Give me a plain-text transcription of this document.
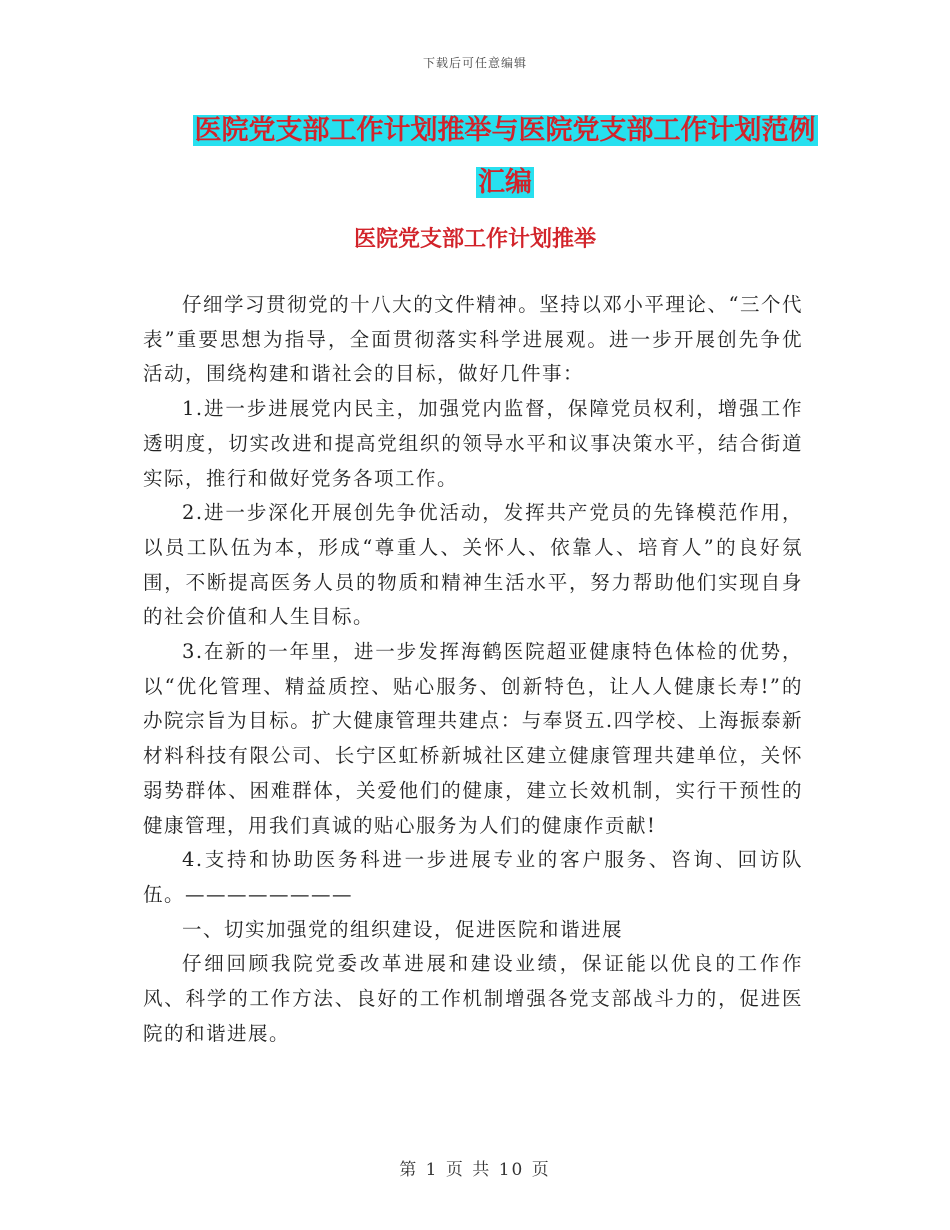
下载后可任意编辑
医院党支部工作计划推举与医院党支部工作计划范例
汇编
医院党支部工作计划推举

仔细学习贯彻党的十八大的文件精神。坚持以邓小平理论、“三个代表”重要思想为指导，全面贯彻落实科学进展观。进一步开展创先争优活动，围绕构建和谐社会的目标，做好几件事：

1.进一步进展党内民主，加强党内监督，保障党员权利，增强工作透明度，切实改进和提高党组织的领导水平和议事决策水平，结合街道实际，推行和做好党务各项工作。

2.进一步深化开展创先争优活动，发挥共产党员的先锋模范作用，以员工队伍为本，形成“尊重人、关怀人、依靠人、培育人”的良好氛围，不断提高医务人员的物质和精神生活水平，努力帮助他们实现自身的社会价值和人生目标。

3.在新的一年里，进一步发挥海鹤医院超亚健康特色体检的优势，以“优化管理、精益质控、贴心服务、创新特色，让人人健康长寿!”的办院宗旨为目标。扩大健康管理共建点：与奉贤五.四学校、上海振泰新材料科技有限公司、长宁区虹桥新城社区建立健康管理共建单位，关怀弱势群体、困难群体，关爱他们的健康，建立长效机制，实行干预性的健康管理，用我们真诚的贴心服务为人们的健康作贡献!

4.支持和协助医务科进一步进展专业的客户服务、咨询、回访队伍。————————

一、切实加强党的组织建设，促进医院和谐进展

仔细回顾我院党委改革进展和建设业绩，保证能以优良的工作作风、科学的工作方法、良好的工作机制增强各党支部战斗力的，促进医院的和谐进展。

第 1 页 共 10 页
